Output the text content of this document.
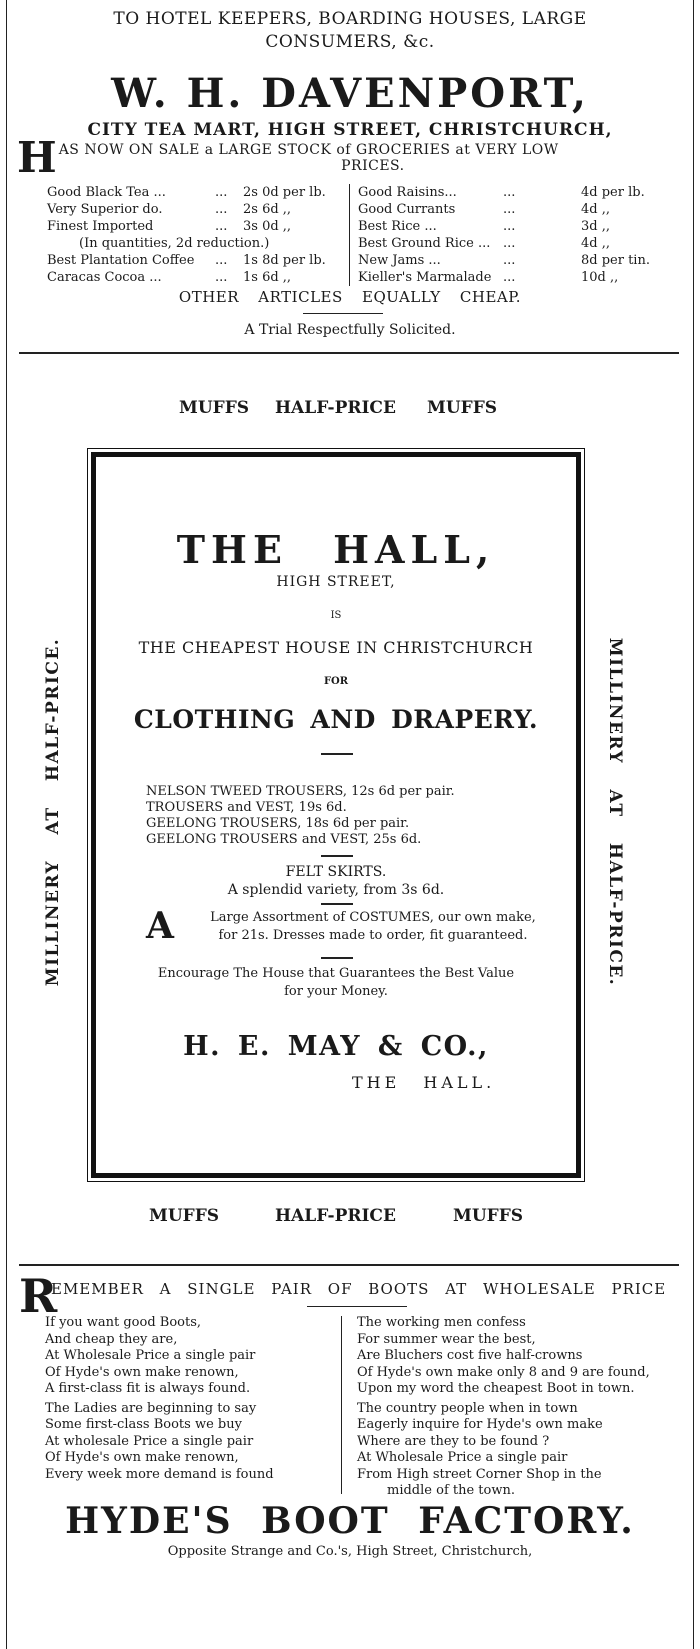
TO HOTEL KEEPERS, BOARDING HOUSES, LARGE CONSUMERS, &c.
W. H. DAVENPORT,
CITY TEA MART, HIGH STREET, CHRISTCHURCH,
H AS NOW ON SALE a LARGE STOCK of GROCERIES at VERY LOW
PRICES.
Good Black Tea ...	... 2s 0d per lb.
Very Superior do.	... 2s 6d ,,
Finest Imported	... 3s 0d ,,
(In quantities, 2d reduction.)
Best Plantation Coffee ... 1s 8d per lb.
Caracas Cocoa ...	... 1s 6d ,,
Good Raisins...	...	4d per lb.
Good Currants	...	4d ,,
Best Rice ...	...	3d ,,
Best Ground Rice ... ...	4d ,,
New Jams ...	...	8d per tin.
Kieller's Marmalade ...	10d ,,
OTHER ARTICLES EQUALLY CHEAP.
A Trial Respectfully Solicited.
MUFFS HALF-PRICE MUFFS
MILLINERY AT HALF-PRICE.	MILLINERY AT HALF-PRICE.
THE HALL,
HIGH STREET,
IS
THE CHEAPEST HOUSE IN CHRISTCHURCH
FOR
CLOTHING AND DRAPERY.
NELSON TWEED TROUSERS, 12s 6d per pair.
TROUSERS and VEST, 19s 6d.
GEELONG TROUSERS, 18s 6d per pair.
GEELONG TROUSERS and VEST, 25s 6d.
FELT SKIRTS.
A splendid variety, from 3s 6d.
A	Large Assortment of COSTUMES, our own make,
for 21s. Dresses made to order, fit guaranteed.
Encourage The House that Guarantees the Best Value
for your Money.
H. E. MAY & CO.,
THE HALL.
MUFFS	HALF-PRICE	MUFFS
R
EMEMBER A SINGLE PAIR OF BOOTS AT WHOLESALE PRICE
If you want good Boots,
And cheap they are,
At Wholesale Price a single pair
Of Hyde's own make renown,
A first-class fit is always found.
The Ladies are beginning to say
Some first-class Boots we buy
At wholesale Price a single pair
Of Hyde's own make renown,
Every week more demand is found
The working men confess
For summer wear the best,
Are Bluchers cost five half-crowns
Of Hyde's own make only 8 and 9 are found,
Upon my word the cheapest Boot in town.
The country people when in town
Eagerly inquire for Hyde's own make
Where are they to be found ?
At Wholesale Price a single pair
From High street Corner Shop in the
middle of the town.
HYDE'S BOOT FACTORY.
Opposite Strange and Co.'s, High Street, Christchurch,
